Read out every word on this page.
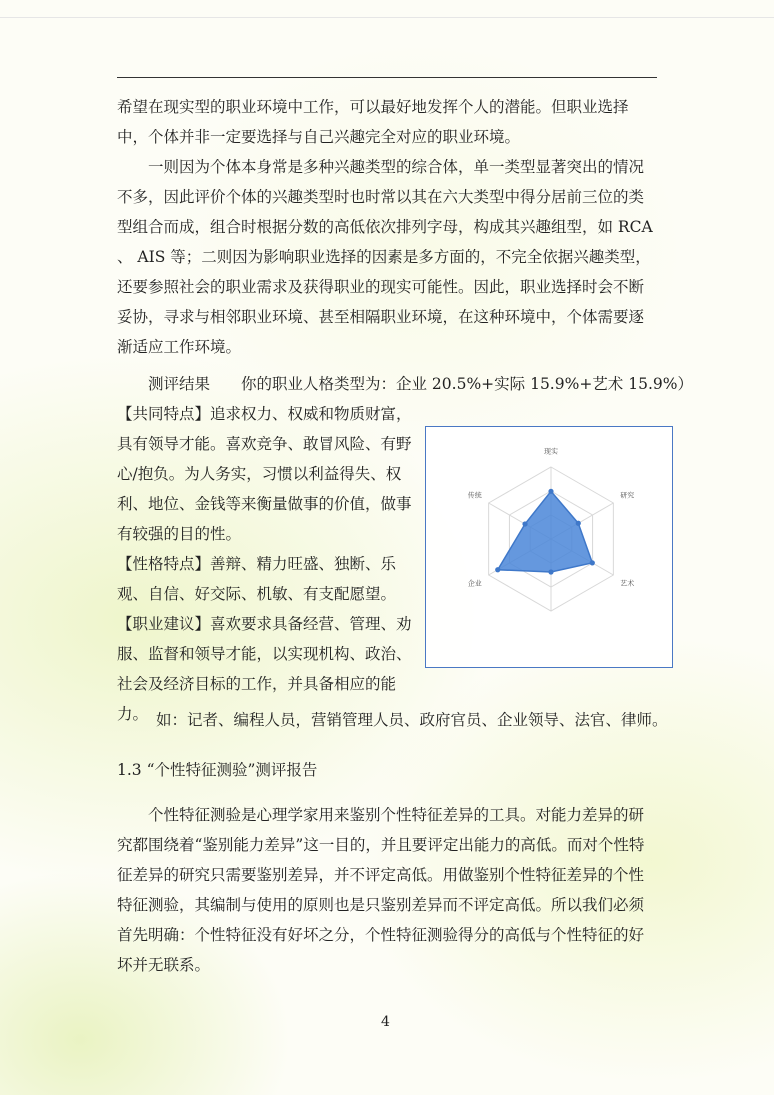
希望在现实型的职业环境中工作，可以最好地发挥个人的潜能。但职业选择中，个体并非一定要选择与自己兴趣完全对应的职业环境。

一则因为个体本身常是多种兴趣类型的综合体，单一类型显著突出的情况不多，因此评价个体的兴趣类型时也时常以其在六大类型中得分居前三位的类型组合而成，组合时根据分数的高低依次排列字母，构成其兴趣组型，如 RCA 、 AIS 等；二则因为影响职业选择的因素是多方面的，不完全依据兴趣类型，还要参照社会的职业需求及获得职业的现实可能性。因此，职业选择时会不断妥协，寻求与相邻职业环境、甚至相隔职业环境，在这种环境中，个体需要逐渐适应工作环境。

测评结果　　你的职业人格类型为：企业 20.5%+实际 15.9%+艺术 15.9%）

【共同特点】追求权力、权威和物质财富，具有领导才能。喜欢竞争、敢冒风险、有野心/抱负。为人务实，习惯以利益得失、权利、地位、金钱等来衡量做事的价值，做事有较强的目的性。
【性格特点】善辩、精力旺盛、独断、乐观、自信、好交际、机敏、有支配愿望。
【职业建议】喜欢要求具备经营、管理、劝服、监督和领导才能，以实现机构、政治、社会及经济目标的工作，并具备相应的能力。
现实
研究
艺术
企业
传统

如：记者、编程人员，营销管理人员、政府官员、企业领导、法官、律师。

1.3 “个性特征测验”测评报告

个性特征测验是心理学家用来鉴别个性特征差异的工具。对能力差异的研究都围绕着“鉴别能力差异”这一目的，并且要评定出能力的高低。而对个性特征差异的研究只需要鉴别差异，并不评定高低。用做鉴别个性特征差异的个性特征测验，其编制与使用的原则也是只鉴别差异而不评定高低。所以我们必须首先明确：个性特征没有好坏之分，个性特征测验得分的高低与个性特征的好坏并无联系。

4
